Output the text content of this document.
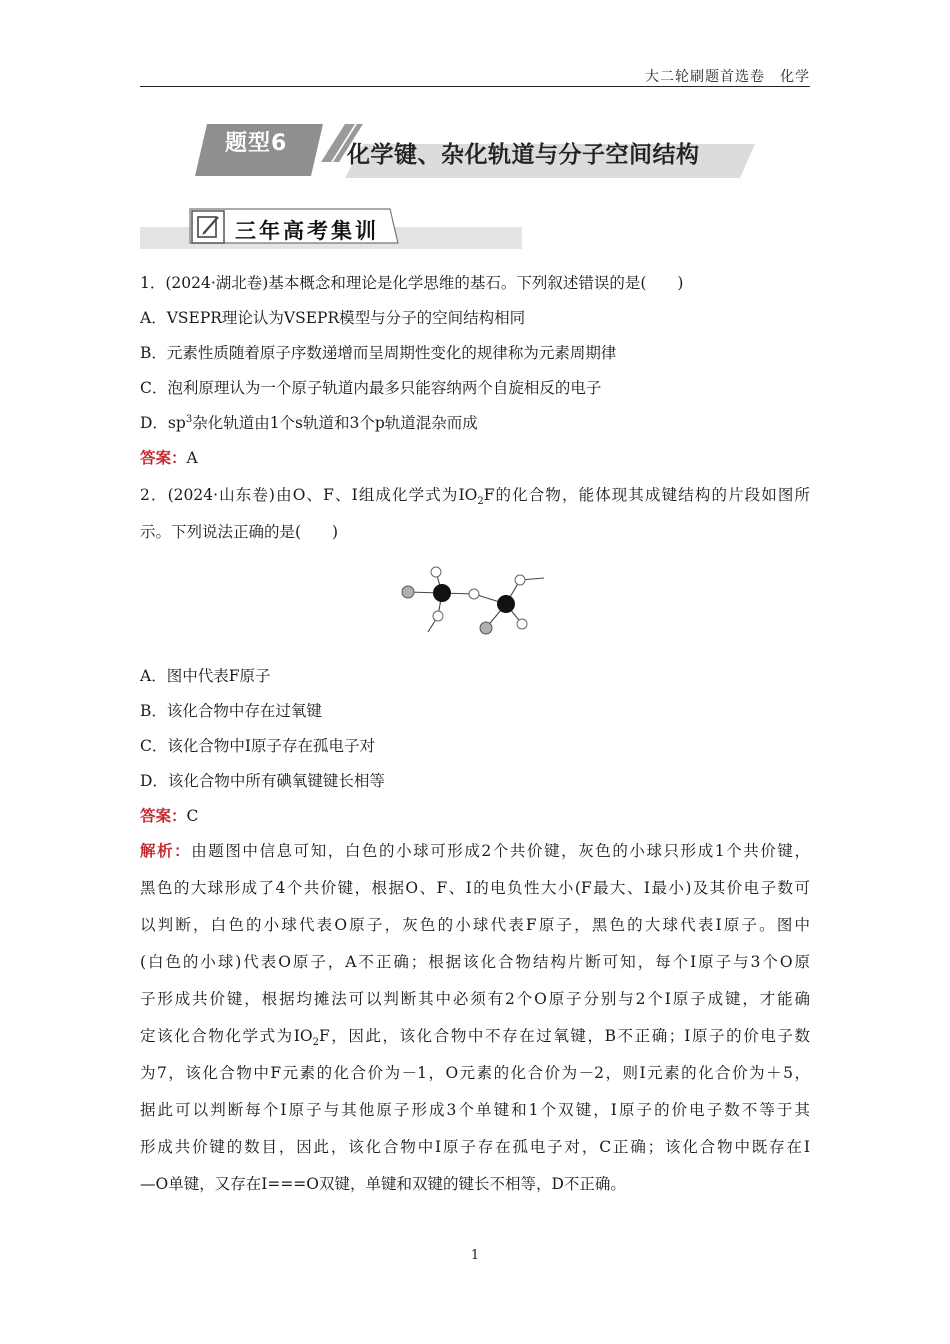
大二轮刷题首选卷　化学
题型6	化学键、杂化轨道与分子空间结构
三年高考集训
1．(2024·湖北卷)基本概念和理论是化学思维的基石。下列叙述错误的是(　　)
A．VSEPR理论认为VSEPR模型与分子的空间结构相同
B．元素性质随着原子序数递增而呈周期性变化的规律称为元素周期律
C．泡利原理认为一个原子轨道内最多只能容纳两个自旋相反的电子
D．$sp^3$杂化轨道由1个s轨道和3个p轨道混杂而成
答案：A
2．(2024·山东卷)由O、F、I组成化学式为$IO_2F$的化合物，能体现其成键结构的片段如图所
示。下列说法正确的是(　　)
A．图中代表F原子
B．该化合物中存在过氧键
C．该化合物中I原子存在孤电子对
D．该化合物中所有碘氧键键长相等
答案：C
解析：由题图中信息可知，白色的小球可形成2个共价键，灰色的小球只形成1个共价键，
黑色的大球形成了4个共价键，根据O、F、I的电负性大小(F最大、I最小)及其价电子数可
以判断，白色的小球代表O原子，灰色的小球代表F原子，黑色的大球代表I原子。图中
(白色的小球)代表O原子，A不正确；根据该化合物结构片断可知，每个I原子与3个O原
子形成共价键，根据均摊法可以判断其中必须有2个O原子分别与2个I原子成键，才能确
定该化合物化学式为$IO_2F$，因此，该化合物中不存在过氧键，B不正确；I原子的价电子数
为7，该化合物中F元素的化合价为－1，O元素的化合价为－2，则I元素的化合价为＋5，
据此可以判断每个I原子与其他原子形成3个单键和1个双键，I原子的价电子数不等于其
形成共价键的数目，因此，该化合物中I原子存在孤电子对，C正确；该化合物中既存在I
—O单键，又存在I===O双键，单键和双键的键长不相等，D不正确。
1
